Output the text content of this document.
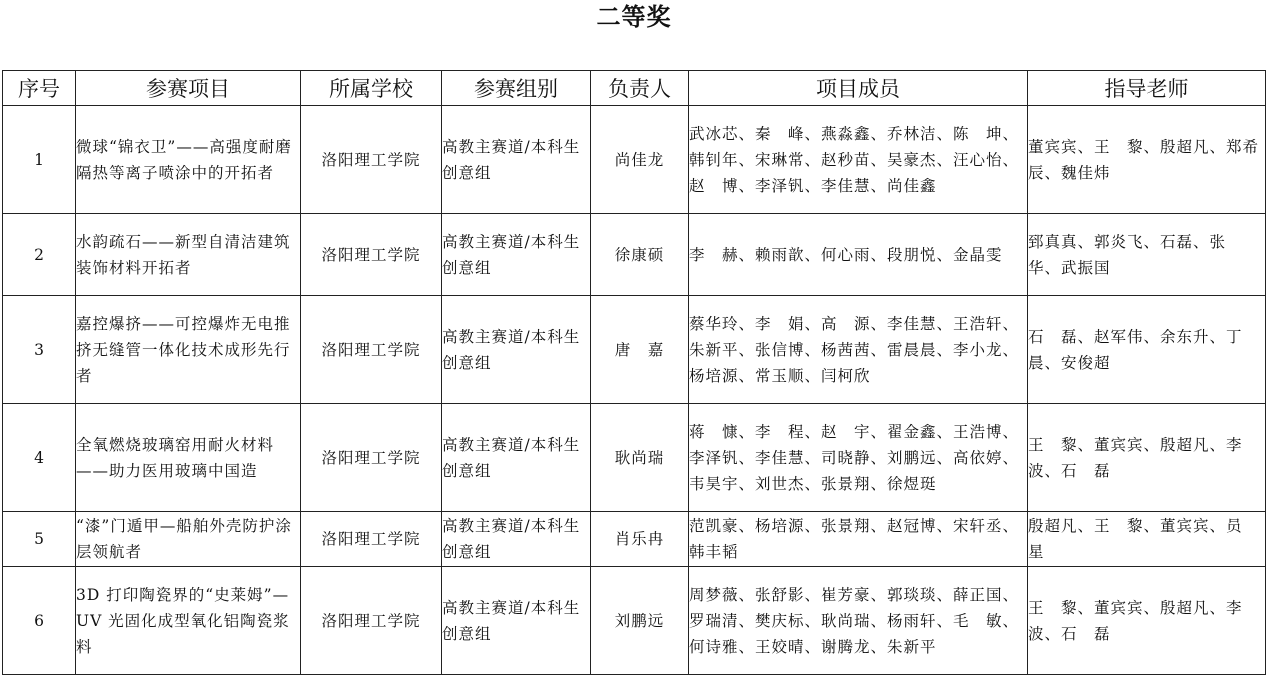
二等奖
序号	参赛项目	所属学校	参赛组别	负责人	项目成员	指导老师
1	微球“锦衣卫”——高强度耐磨隔热等离子喷涂中的开拓者	洛阳理工学院	高教主赛道/本科生创意组	尚佳龙	武冰芯、秦　峰、燕淼鑫、乔林洁、陈　坤、韩钊年、宋琳常、赵秒苗、吴豪杰、汪心怡、赵　博、李泽钒、李佳慧、尚佳鑫	董宾宾、王　黎、殷超凡、郑希辰、魏佳炜
2	水韵疏石——新型自清洁建筑装饰材料开拓者	洛阳理工学院	高教主赛道/本科生创意组	徐康硕	李　赫、赖雨歆、何心雨、段朋悦、金晶雯	郅真真、郭炎飞、石磊、张　华、武振国
3	嘉控爆挤——可控爆炸无电推挤无缝管一体化技术成形先行者	洛阳理工学院	高教主赛道/本科生创意组	唐　嘉	蔡华玲、李　娟、高　源、李佳慧、王浩轩、朱新平、张信博、杨茜茜、雷晨晨、李小龙、杨培源、常玉顺、闫柯欣	石　磊、赵军伟、余东升、丁　晨、安俊超
4	全氧燃烧玻璃窑用耐火材料——助力医用玻璃中国造	洛阳理工学院	高教主赛道/本科生创意组	耿尚瑞	蒋　慷、李　程、赵　宇、翟金鑫、王浩博、李泽钒、李佳慧、司晓静、刘鹏远、高依婷、韦昊宇、刘世杰、张景翔、徐煜珽	王　黎、董宾宾、殷超凡、李　波、石　磊
5	“漆”门遁甲—船舶外壳防护涂层领航者	洛阳理工学院	高教主赛道/本科生创意组	肖乐冉	范凯豪、杨培源、张景翔、赵冠博、宋轩丞、韩丰韬	殷超凡、王　黎、董宾宾、员　星
6	3D 打印陶瓷界的“史莱姆”—UV 光固化成型氧化铝陶瓷浆料	洛阳理工学院	高教主赛道/本科生创意组	刘鹏远	周梦薇、张舒影、崔芳豪、郭琰琰、薛正国、罗瑞清、樊庆标、耿尚瑞、杨雨轩、毛　敏、何诗雅、王姣晴、谢腾龙、朱新平	王　黎、董宾宾、殷超凡、李　波、石　磊
